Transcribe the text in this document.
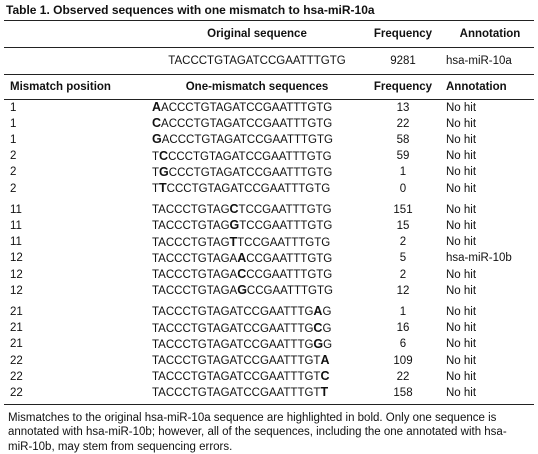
Table 1. Observed sequences with one mismatch to hsa-miR-10a
	Original sequence	Frequency	Annotation
	TACCCTGTAGATCCGAATTTGTG	9281	hsa-miR-10a
Mismatch position	One-mismatch sequences	Frequency	Annotation
1	AACCCTGTAGATCCGAATTTGTG	13	No hit
1	CACCCTGTAGATCCGAATTTGTG	22	No hit
1	GACCCTGTAGATCCGAATTTGTG	58	No hit
2	TCCCCTGTAGATCCGAATTTGTG	59	No hit
2	TGCCCTGTAGATCCGAATTTGTG	1	No hit
2	TTCCCTGTAGATCCGAATTTGTG	0	No hit

11	TACCCTGTAGCTCCGAATTTGTG	151	No hit
11	TACCCTGTAGGTCCGAATTTGTG	15	No hit
11	TACCCTGTAGTTCCGAATTTGTG	2	No hit
12	TACCCTGTAGAACCGAATTTGTG	5	hsa-miR-10b
12	TACCCTGTAGACCCGAATTTGTG	2	No hit
12	TACCCTGTAGAGCCGAATTTGTG	12	No hit

21	TACCCTGTAGATCCGAATTTGAG	1	No hit
21	TACCCTGTAGATCCGAATTTGCG	16	No hit
21	TACCCTGTAGATCCGAATTTGGG	6	No hit
22	TACCCTGTAGATCCGAATTTGTA	109	No hit
22	TACCCTGTAGATCCGAATTTGTC	22	No hit
22	TACCCTGTAGATCCGAATTTGTT	158	No hit
Mismatches to the original hsa-miR-10a sequence are highlighted in bold. Only one sequence is annotated with hsa-miR-10b; however, all of the sequences, including the one annotated with hsa-miR-10b, may stem from sequencing errors.
